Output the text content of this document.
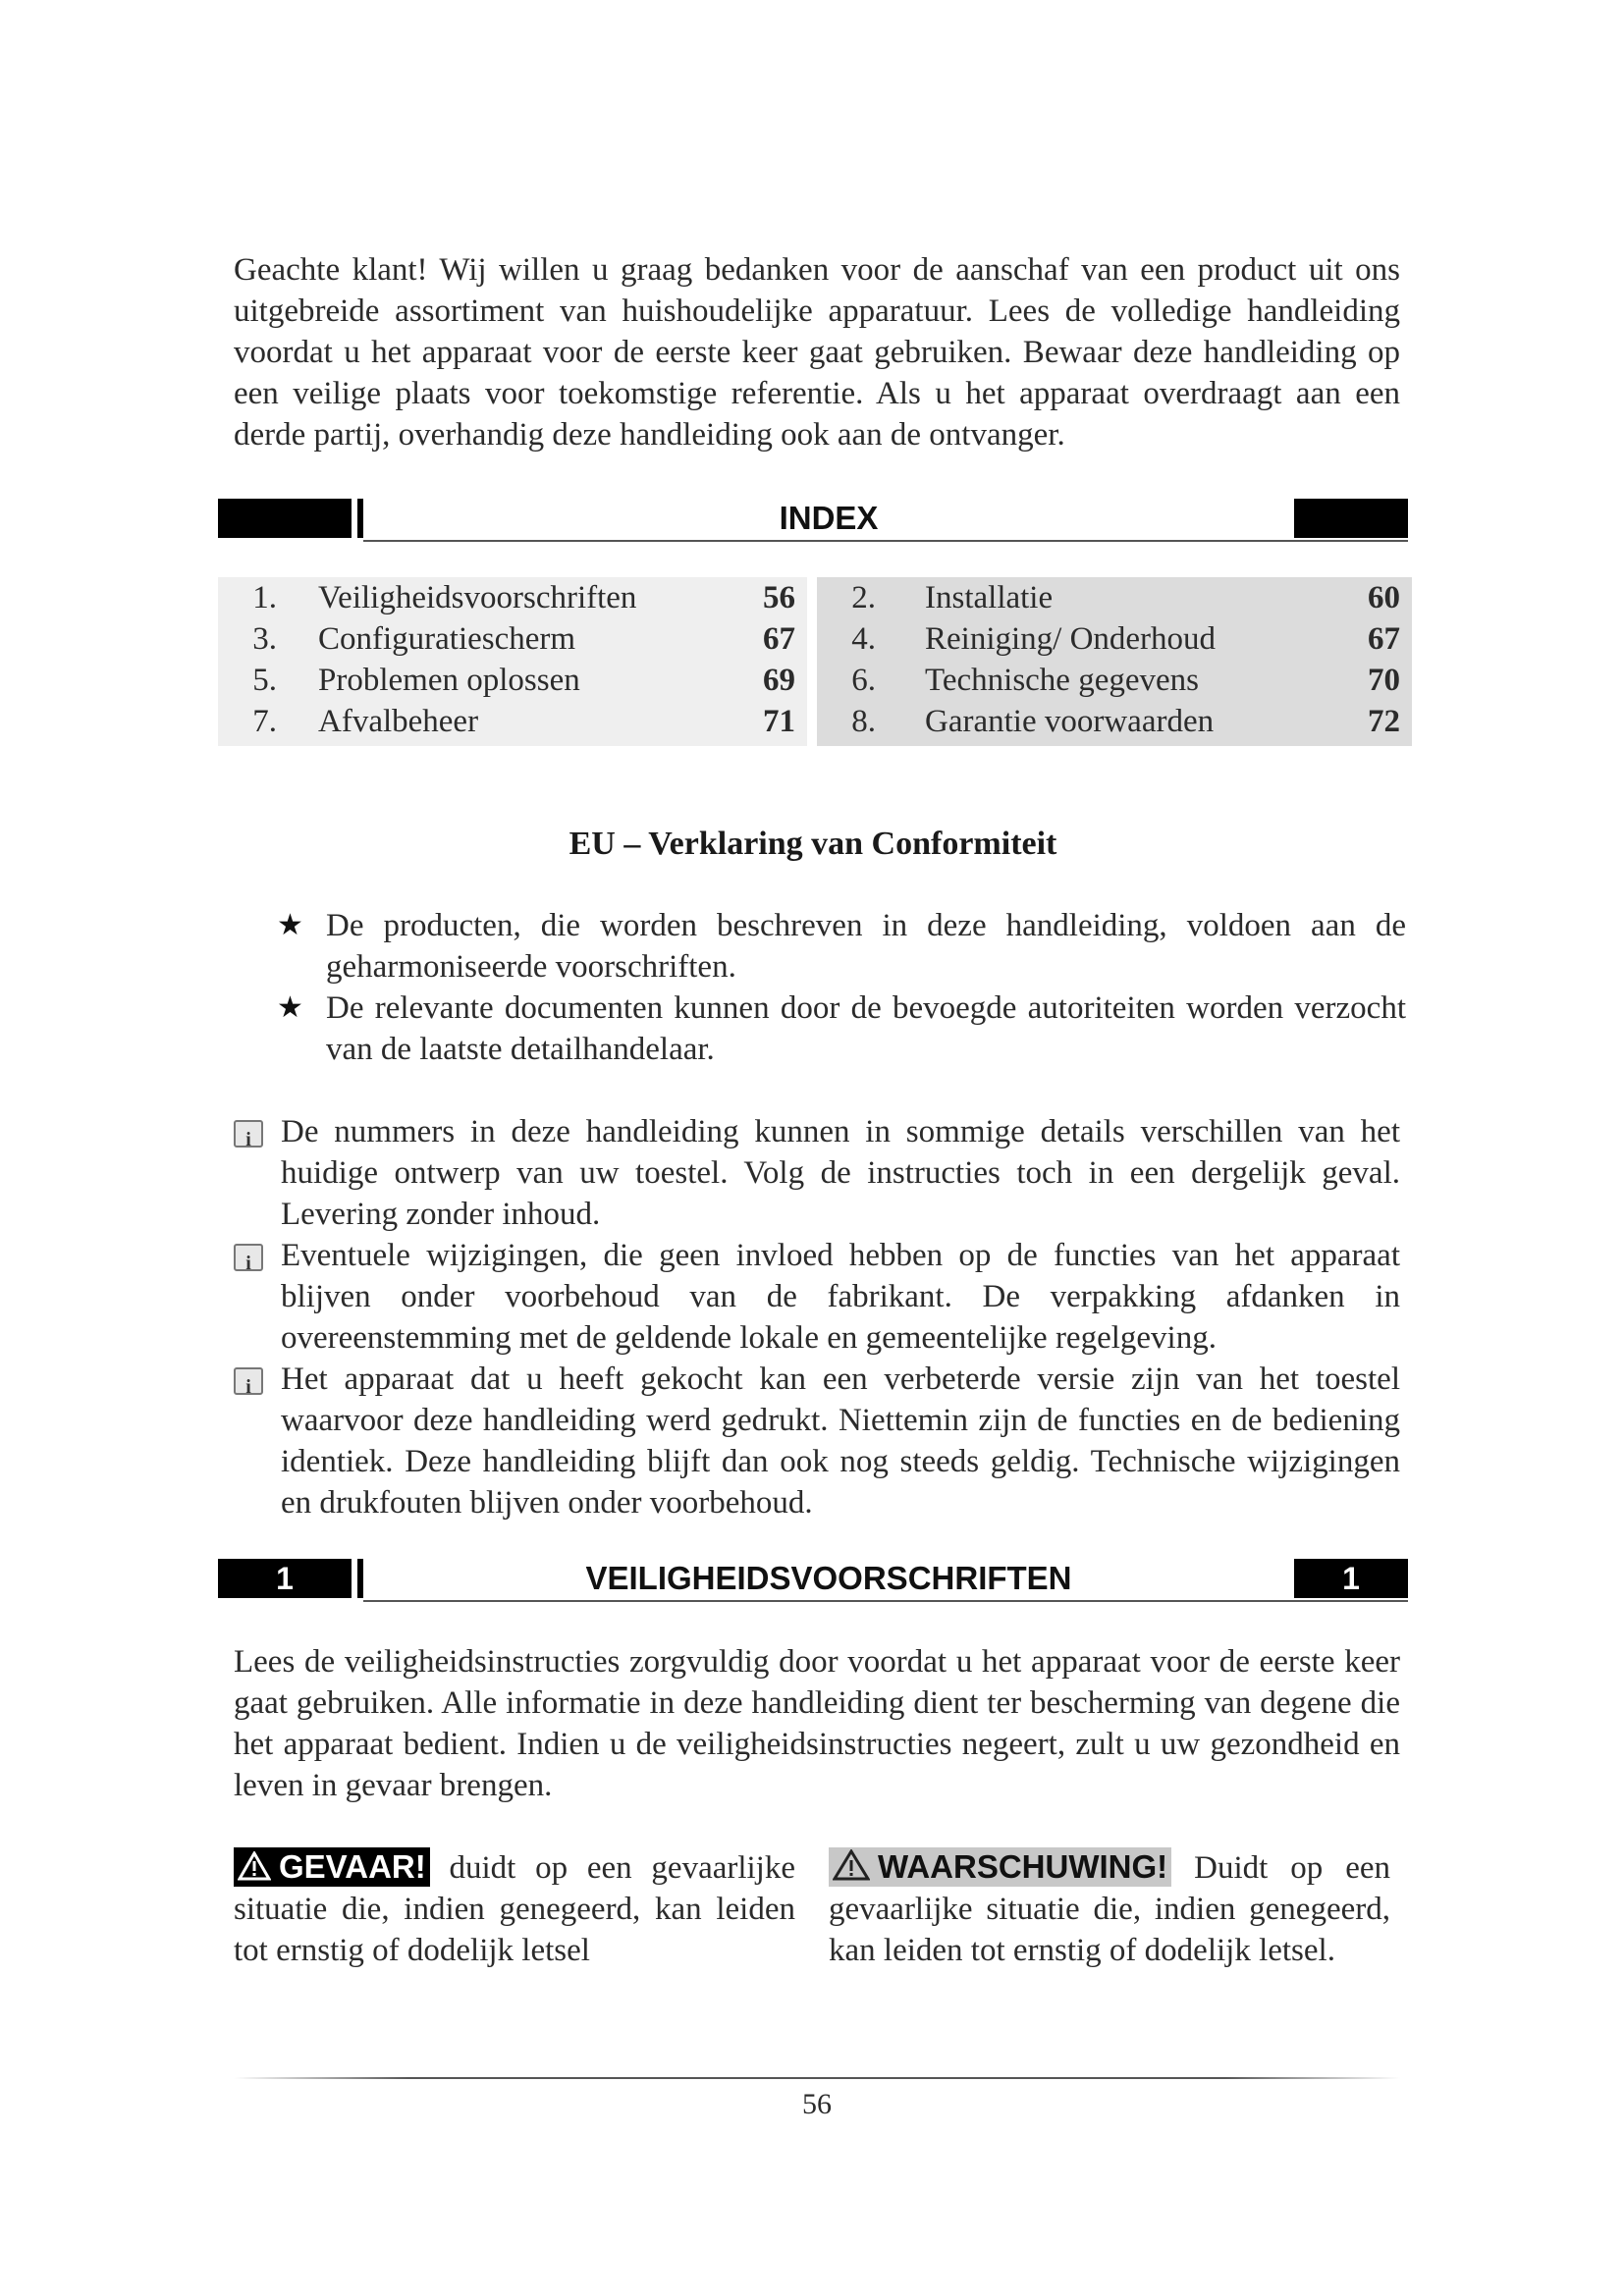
Geachte klant! Wij willen u graag bedanken voor de aanschaf van een product uit ons uitgebreide assortiment van huishoudelijke apparatuur. Lees de volledige handleiding voordat u het apparaat voor de eerste keer gaat gebruiken. Bewaar deze handleiding op een veilige plaats voor toekomstige referentie. Als u het apparaat overdraagt aan een derde partij, overhandig deze handleiding ook aan de ontvanger.
INDEX
1. Veiligheidsvoorschriften	56
3. Configuratiescherm	67
5. Problemen oplossen	69
7. Afvalbeheer	71
2. Installatie	60
4. Reiniging/ Onderhoud	67
6. Technische gegevens	70
8. Garantie voorwaarden	72
EU – Verklaring van Conformiteit
★ De producten, die worden beschreven in deze handleiding, voldoen aan de geharmoniseerde voorschriften.
★ De relevante documenten kunnen door de bevoegde autoriteiten worden verzocht van de laatste detailhandelaar.
i
De nummers in deze handleiding kunnen in sommige details verschillen van het huidige ontwerp van uw toestel. Volg de instructies toch in een dergelijk geval. Levering zonder inhoud.
i
Eventuele wijzigingen, die geen invloed hebben op de functies van het apparaat blijven onder voorbehoud van de fabrikant. De verpakking afdanken in overeenstemming met de geldende lokale en gemeentelijke regelgeving.
i
Het apparaat dat u heeft gekocht kan een verbeterde versie zijn van het toestel waarvoor deze handleiding werd gedrukt. Niettemin zijn de functies en de bediening identiek. Deze handleiding blijft dan ook nog steeds geldig. Technische wijzigingen en drukfouten blijven onder voorbehoud.
1	VEILIGHEIDSVOORSCHRIFTEN	1
Lees de veiligheidsinstructies zorgvuldig door voordat u het apparaat voor de eerste keer gaat gebruiken. Alle informatie in deze handleiding dient ter bescherming van degene die het apparaat bedient. Indien u de veiligheidsinstructies negeert, zult u uw gezondheid en leven in gevaar brengen.
GEVAAR! duidt op een gevaarlijke situatie die, indien genegeerd, kan leiden tot ernstig of dodelijk letsel
WAARSCHUWING! Duidt op een gevaarlijke situatie die, indien genegeerd, kan leiden tot ernstig of dodelijk letsel.
56
